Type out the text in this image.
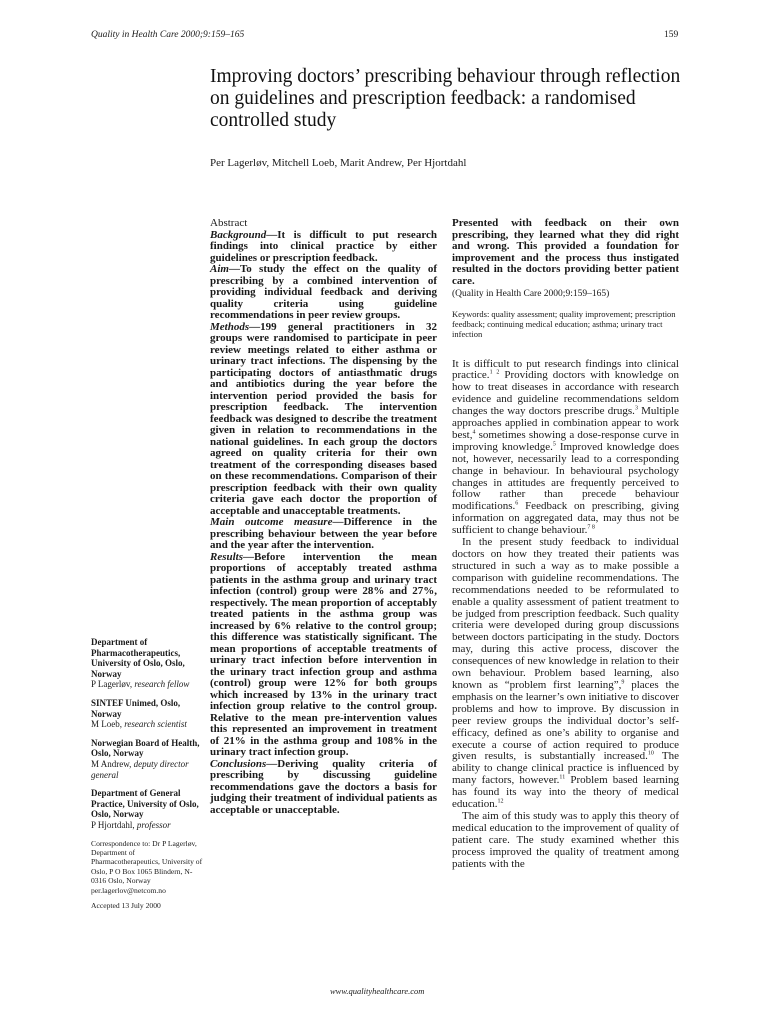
Quality in Health Care 2000;9:159–165	159
Improving doctors’ prescribing behaviour through reflection on guidelines and prescription feedback: a randomised controlled study
Per Lagerløv, Mitchell Loeb, Marit Andrew, Per Hjortdahl
Department of Pharmacotherapeutics, University of Oslo, Oslo, Norway
P Lagerløv, research fellow
SINTEF Unimed, Oslo, Norway
M Loeb, research scientist
Norwegian Board of Health, Oslo, Norway
M Andrew, deputy director general
Department of General Practice, University of Oslo, Oslo, Norway
P Hjortdahl, professor
Correspondence to: Dr P Lagerløv, Department of Pharmacotherapeutics, University of Oslo, P O Box 1065 Blindern, N-0316 Oslo, Norway per.lagerlov@netcom.no
Accepted 13 July 2000

Abstract

Background—It is difficult to put research findings into clinical practice by either guidelines or prescription feedback.

Aim—To study the effect on the quality of prescribing by a combined intervention of providing individual feedback and deriving quality criteria using guideline recommendations in peer review groups.

Methods—199 general practitioners in 32 groups were randomised to participate in peer review meetings related to either asthma or urinary tract infections. The dispensing by the participating doctors of antiasthmatic drugs and antibiotics during the year before the intervention period provided the basis for prescription feedback. The intervention feedback was designed to describe the treatment given in relation to recommendations in the national guidelines. In each group the doctors agreed on quality criteria for their own treatment of the corresponding diseases based on these recommendations. Comparison of their prescription feedback with their own quality criteria gave each doctor the proportion of acceptable and unacceptable treatments.

Main outcome measure—Difference in the prescribing behaviour between the year before and the year after the intervention.

Results—Before intervention the mean proportions of acceptably treated asthma patients in the asthma group and urinary tract infection (control) group were 28% and 27%, respectively. The mean proportion of acceptably treated patients in the asthma group was increased by 6% relative to the control group; this difference was statistically significant. The mean proportions of acceptable treatments of urinary tract infection before intervention in the urinary tract infection group and asthma (control) group were 12% for both groups which increased by 13% in the urinary tract infection group relative to the control group. Relative to the mean pre-intervention values this represented an improvement in treatment of 21% in the asthma group and 108% in the urinary tract infection group.

Conclusions—Deriving quality criteria of prescribing by discussing guideline recommendations gave the doctors a basis for judging their treatment of individual patients as acceptable or unacceptable.

Presented with feedback on their own prescribing, they learned what they did right and wrong. This provided a foundation for improvement and the process thus instigated resulted in the doctors providing better patient care.

(Quality in Health Care 2000;9:159–165)

Keywords: quality assessment; quality improvement; prescription feedback; continuing medical education; asthma; urinary tract infection

It is difficult to put research findings into clinical practice.$^{1 2}$ Providing doctors with knowledge on how to treat diseases in accordance with research evidence and guideline recommendations seldom changes the way doctors prescribe drugs.$^3$ Multiple approaches applied in combination appear to work best,$^4$ sometimes showing a dose-response curve in improving knowledge.$^5$ Improved knowledge does not, however, necessarily lead to a corresponding change in behaviour. In behavioural psychology changes in attitudes are frequently perceived to follow rather than precede behaviour modifications.$^6$ Feedback on prescribing, giving information on aggregated data, may thus not be sufficient to change behaviour.$^{7 8}$

In the present study feedback to individual doctors on how they treated their patients was structured in such a way as to make possible a comparison with guideline recommendations. The recommendations needed to be reformulated to enable a quality assessment of patient treatment to be judged from prescription feedback. Such quality criteria were developed during group discussions between doctors participating in the study. Doctors may, during this active process, discover the consequences of new knowledge in relation to their own behaviour. Problem based learning, also known as “problem first learning”,$^9$ places the emphasis on the learner’s own initiative to discover problems and how to improve. By discussion in peer review groups the individual doctor’s self-efficacy, defined as one’s ability to organise and execute a course of action required to produce given results, is substantially increased.$^{10}$ The ability to change clinical practice is influenced by many factors, however.$^{11}$ Problem based learning has found its way into the theory of medical education.$^{12}$

The aim of this study was to apply this theory of medical education to the improvement of quality of patient care. The study examined whether this process improved the quality of treatment among patients with the

www.qualityhealthcare.com
